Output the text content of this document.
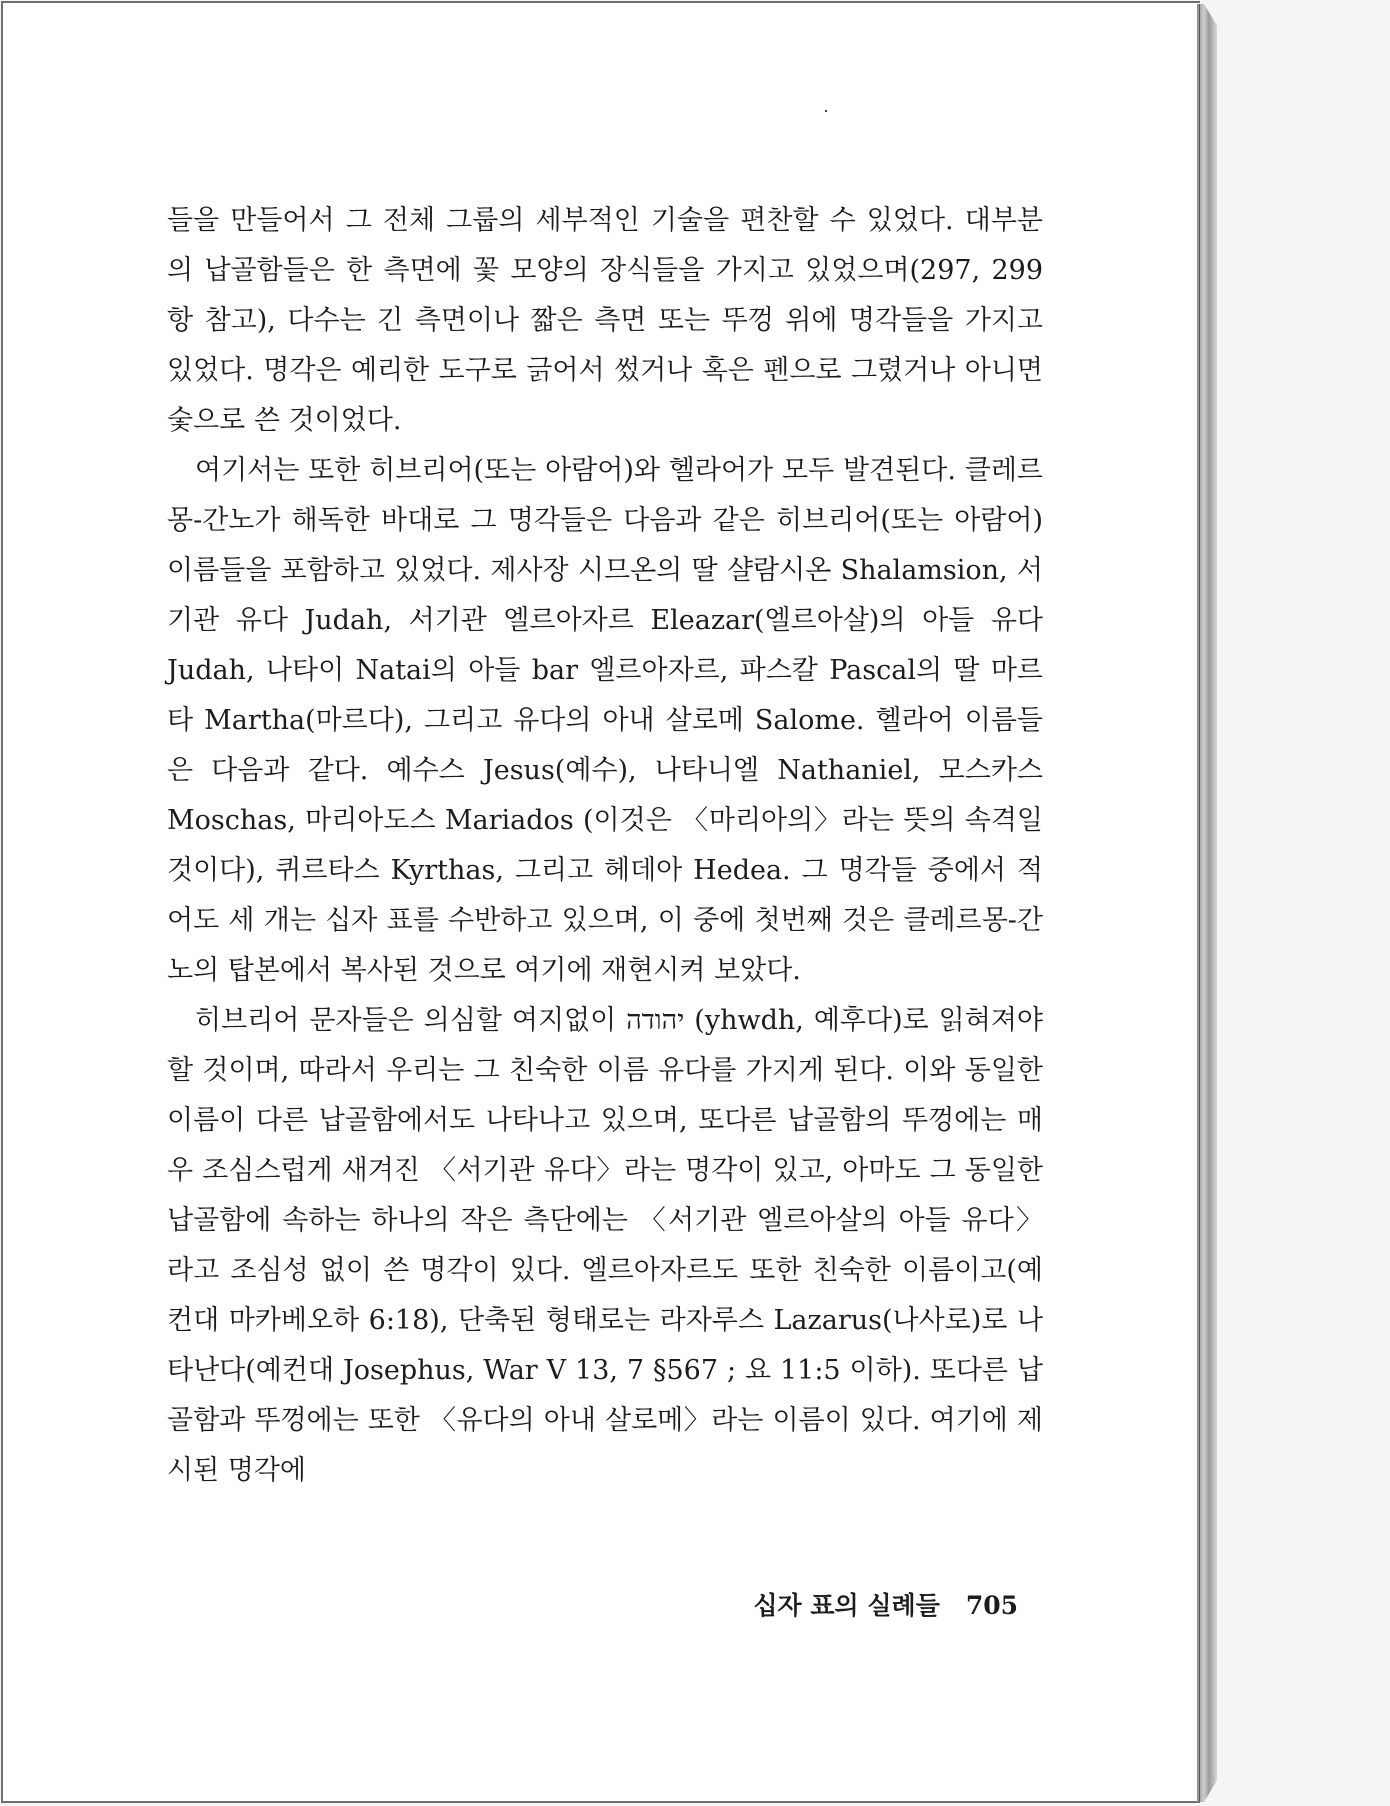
들을 만들어서 그 전체 그룹의 세부적인 기술을 편찬할 수 있었다. 대부분의 납골함들은 한 측면에 꽃 모양의 장식들을 가지고 있었으며(297, 299항 참고), 다수는 긴 측면이나 짧은 측면 또는 뚜껑 위에 명각들을 가지고 있었다. 명각은 예리한 도구로 긁어서 썼거나 혹은 펜으로 그렸거나 아니면 숯으로 쓴 것이었다.

여기서는 또한 히브리어(또는 아람어)와 헬라어가 모두 발견된다. 클레르몽-간노가 해독한 바대로 그 명각들은 다음과 같은 히브리어(또는 아람어) 이름들을 포함하고 있었다. 제사장 시므온의 딸 샬람시온 Shalamsion, 서기관 유다 Judah, 서기관 엘르아자르 Eleazar(엘르아살)의 아들 유다 Judah, 나타이 Natai의 아들 bar 엘르아자르, 파스칼 Pascal의 딸 마르타 Martha(마르다), 그리고 유다의 아내 살로메 Salome. 헬라어 이름들은 다음과 같다. 예수스 Jesus(예수), 나타니엘 Nathaniel, 모스카스 Moschas, 마리아도스 Mariados (이것은 〈마리아의〉라는 뜻의 속격일 것이다), 퀴르타스 Kyrthas, 그리고 헤데아 Hedea. 그 명각들 중에서 적어도 세 개는 십자 표를 수반하고 있으며, 이 중에 첫번째 것은 클레르몽-간노의 탑본에서 복사된 것으로 여기에 재현시켜 보았다.

히브리어 문자들은 의심할 여지없이 יהודה (yhwdh, 예후다)로 읽혀져야 할 것이며, 따라서 우리는 그 친숙한 이름 유다를 가지게 된다. 이와 동일한 이름이 다른 납골함에서도 나타나고 있으며, 또다른 납골함의 뚜껑에는 매우 조심스럽게 새겨진 〈서기관 유다〉라는 명각이 있고, 아마도 그 동일한 납골함에 속하는 하나의 작은 측단에는 〈서기관 엘르아살의 아들 유다〉라고 조심성 없이 쓴 명각이 있다. 엘르아자르도 또한 친숙한 이름이고(예컨대 마카베오하 6:18), 단축된 형태로는 라자루스 Lazarus(나사로)로 나타난다(예컨대 Josephus, War V 13, 7 §567 ; 요 11:5 이하). 또다른 납골함과 뚜껑에는 또한 〈유다의 아내 살로메〉라는 이름이 있다. 여기에 제시된 명각에

십자 표의 실례들 705
